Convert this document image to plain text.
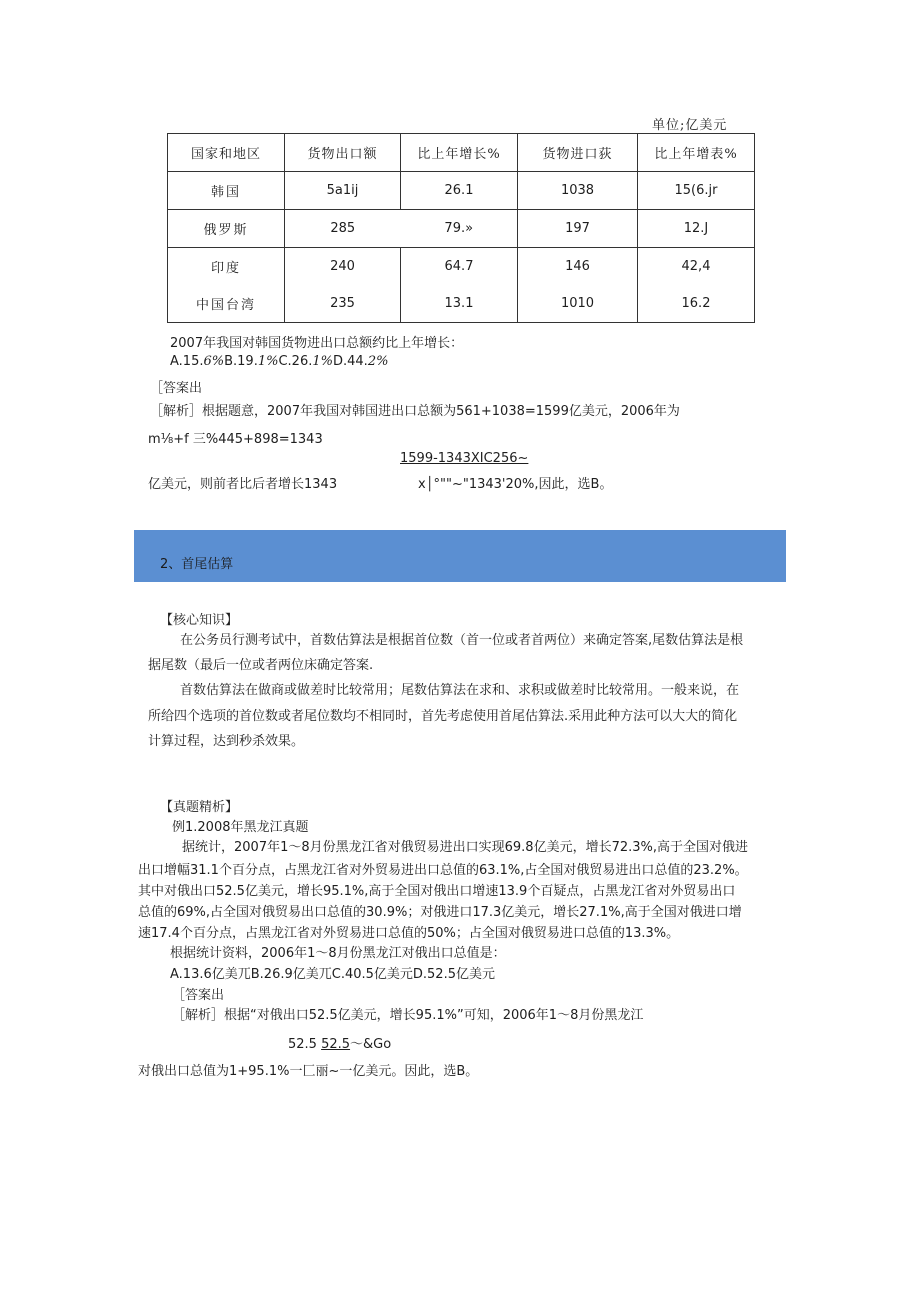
单位;亿美元
国家和地区	货物出口额	比上年增长%	货物进口荻	比上年增表%
韩国	5a1ij	26.1	1038	15(6.jr
俄罗斯	285	79.»	197	12.J
印度	240	64.7	146	42,4
中国台湾	235	13.1	1010	16.2
2007年我国对韩国货物进出口总额约比上年增长：
A.15.6%B.19.1%C.26.1%D.44.2%
［答案出
［解析］根据题意，2007年我国对韩国进出口总额为561+1038=1599亿美元，2006年为
m⅛+f 三%445+898=1343
1599-1343XIC256~
亿美元，则前者比后者增长1343	x│°""~"1343'20%,因此，选B。
2、首尾估算
【核心知识】
在公务员行测考试中，首数估算法是根据首位数（首一位或者首两位）来确定答案,尾数估算法是根
据尾数（最后一位或者两位床确定答案.
首数估算法在做商或做差时比较常用；尾数估算法在求和、求积或做差时比较常用。一般来说，在
所给四个选项的首位数或者尾位数均不相同时，首先考虑使用首尾估算法.采用此种方法可以大大的简化
计算过程，达到秒杀效果。
【真题精析】
例1.2008年黑龙江真题
据统计，2007年1～8月份黑龙江省对俄贸易进出口实现69.8亿美元，增长72.3%,高于全国对俄进
出口增幅31.1个百分点，占黑龙江省对外贸易进出口总值的63.1%,占全国对俄贸易进出口总值的23.2%。
其中对俄出口52.5亿美元，增长95.1%,高于全国对俄出口增速13.9个百疑点，占黑龙江省对外贸易出口
总值的69%,占全国对俄贸易出口总值的30.9%；对俄进口17.3亿美元，增长27.1%,高于全国对俄进口增
速17.4个百分点，占黑龙江省对外贸易进口总值的50%；占全国对俄贸易进口总值的13.3%。
根据统计资料，2006年1～8月份黑龙江对俄出口总值是：
A.13.6亿美兀B.26.9亿美兀C.40.5亿美元D.52.5亿美元
［答案出
［解析］根据“对俄出口52.5亿美元，增长95.1%”可知，2006年1～8月份黑龙江
52.5 52.5～&Go
对俄出口总值为1+95.1%一匚丽~一亿美元。因此，选B。
